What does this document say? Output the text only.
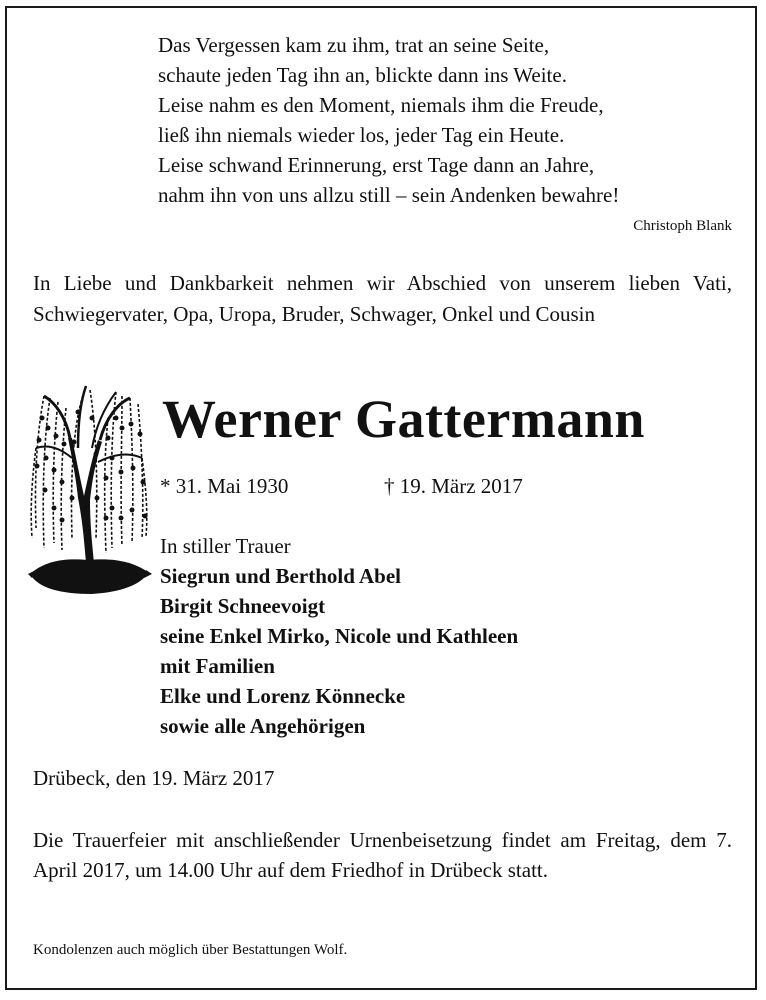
Das Vergessen kam zu ihm, trat an seine Seite,
schaute jeden Tag ihn an, blickte dann ins Weite.
Leise nahm es den Moment, niemals ihm die Freude,
ließ ihn niemals wieder los, jeder Tag ein Heute.
Leise schwand Erinnerung, erst Tage dann an Jahre,
nahm ihn von uns allzu still – sein Andenken bewahre!
Christoph Blank
In Liebe und Dankbarkeit nehmen wir Abschied von unserem lieben Vati, Schwiegervater, Opa, Uropa, Bruder, Schwager, Onkel und Cousin
Werner Gattermann
* 31. Mai 1930	† 19. März 2017
In stiller Trauer
Siegrun und Berthold Abel
Birgit Schneevoigt
seine Enkel Mirko, Nicole und Kathleen
mit Familien
Elke und Lorenz Könnecke
sowie alle Angehörigen
Drübeck, den 19. März 2017
Die Trauerfeier mit anschließender Urnenbeisetzung findet am Freitag, dem 7. April 2017, um 14.00 Uhr auf dem Friedhof in Drübeck statt.
Kondolenzen auch möglich über Bestattungen Wolf.
